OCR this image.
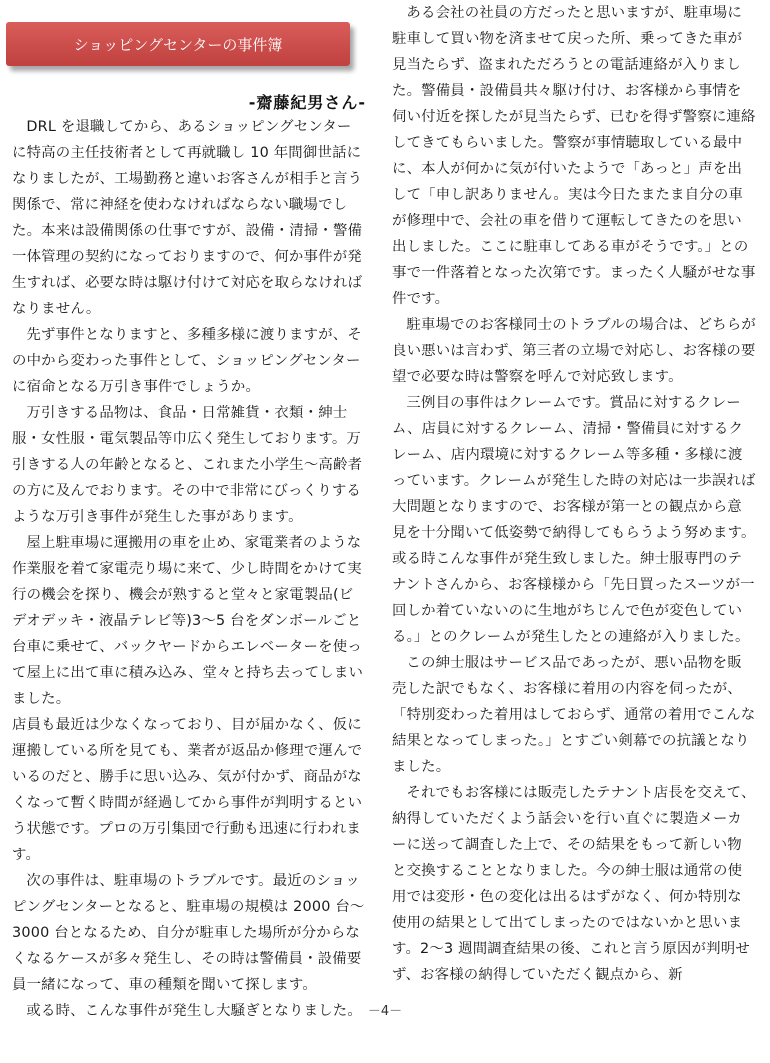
ショッピングセンターの事件簿
-齋藤紀男さん-

DRL を退職してから、あるショッピングセンターに特高の主任技術者として再就職し 10 年間御世話になりましたが、工場勤務と違いお客さんが相手と言う関係で、常に神経を使わなければならない職場でした。本来は設備関係の仕事ですが、設備・清掃・警備一体管理の契約になっておりますので、何か事件が発生すれば、必要な時は駆け付けて対応を取らなければなりません。

先ず事件となりますと、多種多様に渡りますが、その中から変わった事件として、ショッピングセンターに宿命となる万引き事件でしょうか。

万引きする品物は、食品・日常雑貨・衣類・紳士服・女性服・電気製品等巾広く発生しております。万引きする人の年齢となると、これまた小学生～高齢者の方に及んでおります。その中で非常にびっくりするような万引き事件が発生した事があります。

屋上駐車場に運搬用の車を止め、家電業者のような作業服を着て家電売り場に来て、少し時間をかけて実行の機会を探り、機会が熟すると堂々と家電製品(ビデオデッキ・液晶テレビ等)3～5 台をダンボールごと台車に乗せて、バックヤードからエレベーターを使って屋上に出て車に積み込み、堂々と持ち去ってしまいました。

店員も最近は少なくなっており、目が届かなく、仮に運搬している所を見ても、業者が返品か修理で運んでいるのだと、勝手に思い込み、気が付かず、商品がなくなって暫く時間が経過してから事件が判明するという状態です。プロの万引集団で行動も迅速に行われます。

次の事件は、駐車場のトラブルです。最近のショッピングセンターとなると、駐車場の規模は 2000 台～3000 台となるため、自分が駐車した場所が分からなくなるケースが多々発生し、その時は警備員・設備要員一緒になって、車の種類を聞いて探します。

或る時、こんな事件が発生し大騒ぎとなりました。

ある会社の社員の方だったと思いますが、駐車場に駐車して買い物を済ませて戻った所、乗ってきた車が見当たらず、盗まれただろうとの電話連絡が入りました。警備員・設備員共々駆け付け、お客様から事情を伺い付近を探したが見当たらず、已むを得ず警察に連絡してきてもらいました。警察が事情聴取している最中に、本人が何かに気が付いたようで「あっと」声を出して「申し訳ありません。実は今日たまたま自分の車が修理中で、会社の車を借りて運転してきたのを思い出しました。ここに駐車してある車がそうです。」との事で一件落着となった次第です。まったく人騒がせな事件です。

駐車場でのお客様同士のトラブルの場合は、どちらが良い悪いは言わず、第三者の立場で対応し、お客様の要望で必要な時は警察を呼んで対応致します。

三例目の事件はクレームです。賞品に対するクレーム、店員に対するクレーム、清掃・警備員に対するクレーム、店内環境に対するクレーム等多種・多様に渡っています。クレームが発生した時の対応は一歩誤れば大問題となりますので、お客様が第一との観点から意見を十分聞いて低姿勢で納得してもらうよう努めます。或る時こんな事件が発生致しました。紳士服専門のテナントさんから、お客様様から「先日買ったスーツが一回しか着ていないのに生地がちじんで色が変色している。」とのクレームが発生したとの連絡が入りました。

この紳士服はサービス品であったが、悪い品物を販売した訳でもなく、お客様に着用の内容を伺ったが、「特別変わった着用はしておらず、通常の着用でこんな結果となってしまった。」とすごい剣幕での抗議となりました。

それでもお客様には販売したテナント店長を交えて、納得していただくよう話会いを行い直ぐに製造メーカーに送って調査した上で、その結果をもって新しい物と交換することとなりました。今の紳士服は通常の使用では変形・色の変化は出るはずがなく、何か特別な使用の結果として出てしまったのではないかと思います。2～3 週間調査結果の後、これと言う原因が判明せず、お客様の納得していただく観点から、新

－4－
